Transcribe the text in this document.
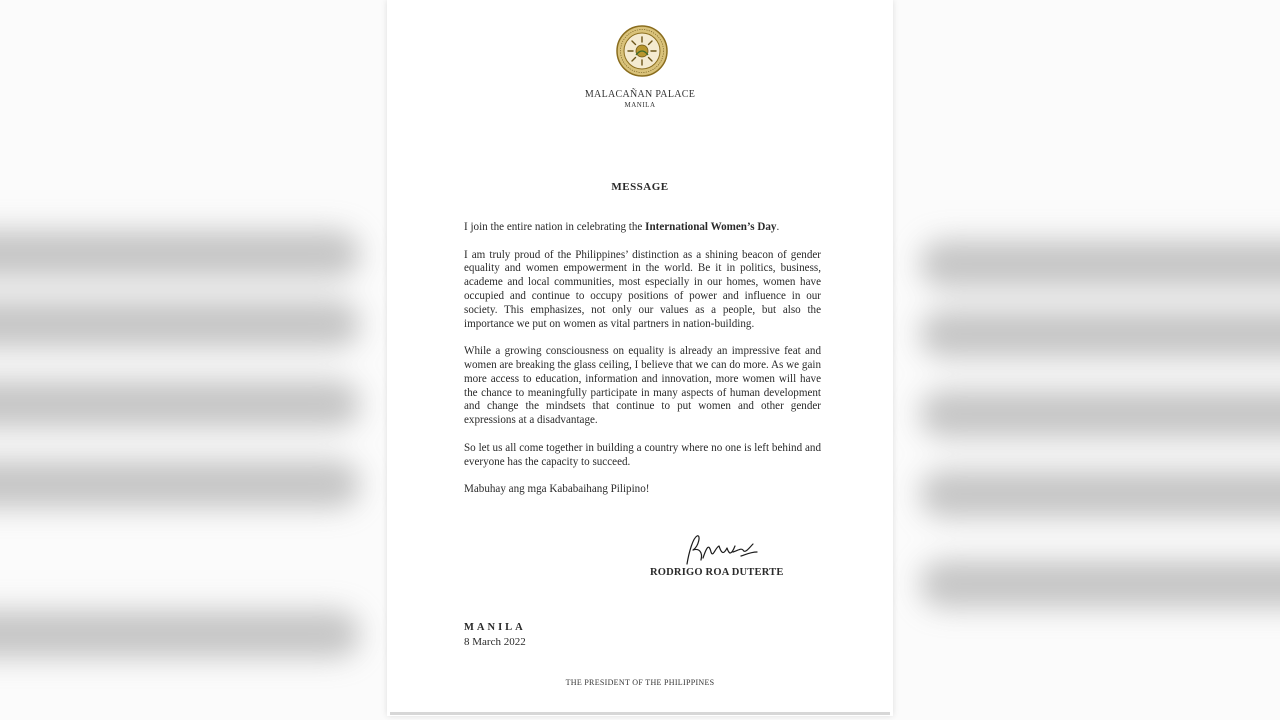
MALACAÑAN PALACE
MANILA
MESSAGE

I join the entire nation in celebrating the International Women’s Day.

I am truly proud of the Philippines’ distinction as a shining beacon of gender equality and women empowerment in the world. Be it in politics, business, academe and local communities, most especially in our homes, women have occupied and continue to occupy positions of power and influence in our society. This emphasizes, not only our values as a people, but also the importance we put on women as vital partners in nation-building.

While a growing consciousness on equality is already an impressive feat and women are breaking the glass ceiling, I believe that we can do more. As we gain more access to education, information and innovation, more women will have the chance to meaningfully participate in many aspects of human development and change the mindsets that continue to put women and other gender expressions at a disadvantage.

So let us all come together in building a country where no one is left behind and everyone has the capacity to succeed.

Mabuhay ang mga Kababaihang Pilipino!

RODRIGO ROA DUTERTE
MANILA
8 March 2022
THE PRESIDENT OF THE PHILIPPINES
